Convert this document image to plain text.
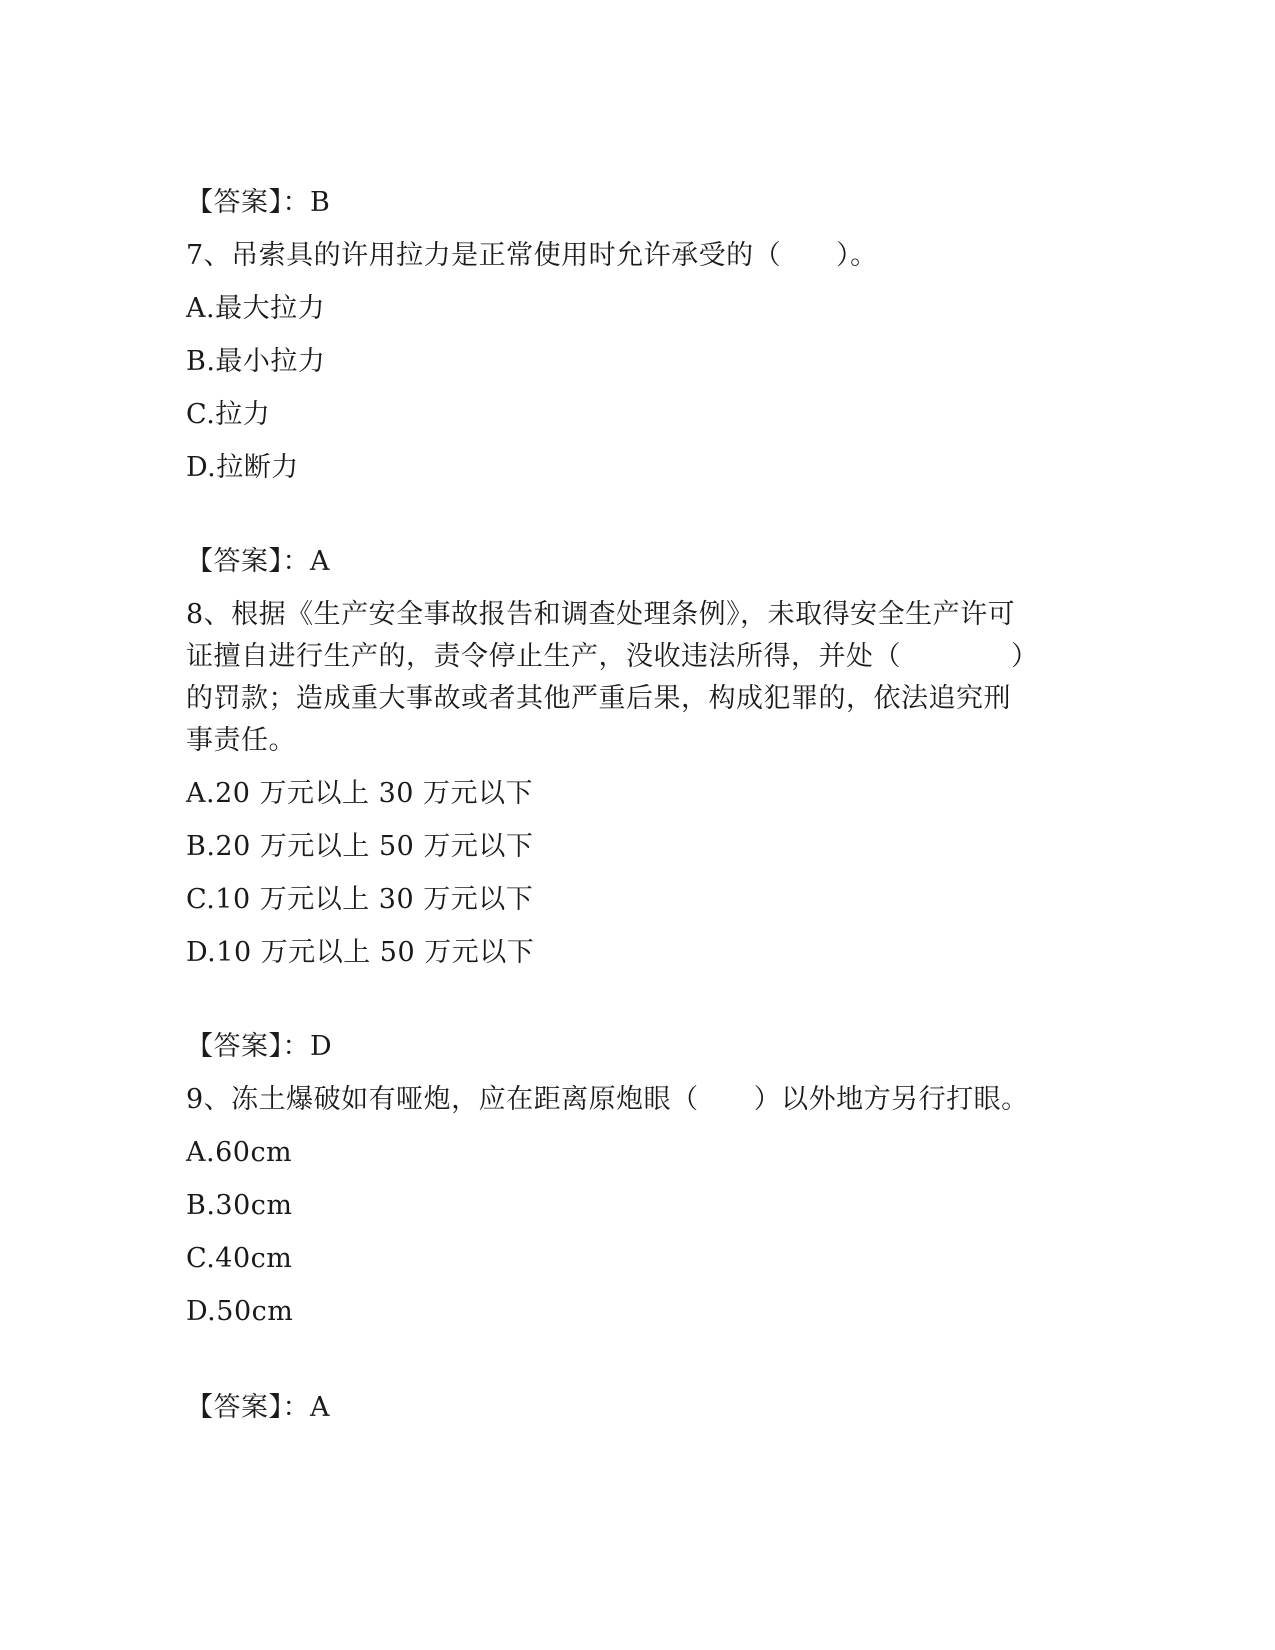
【答案】：B
7、吊索具的许用拉力是正常使用时允许承受的（　　）。
A.最大拉力
B.最小拉力
C.拉力
D.拉断力
【答案】：A
8、根据《生产安全事故报告和调查处理条例》，未取得安全生产许可
证擅自进行生产的，责令停止生产，没收违法所得，并处（　　　　）
的罚款；造成重大事故或者其他严重后果，构成犯罪的，依法追究刑
事责任。
A.20 万元以上 30 万元以下
B.20 万元以上 50 万元以下
C.10 万元以上 30 万元以下
D.10 万元以上 50 万元以下
【答案】：D
9、冻土爆破如有哑炮，应在距离原炮眼（　　）以外地方另行打眼。
A.60cm
B.30cm
C.40cm
D.50cm
【答案】：A
